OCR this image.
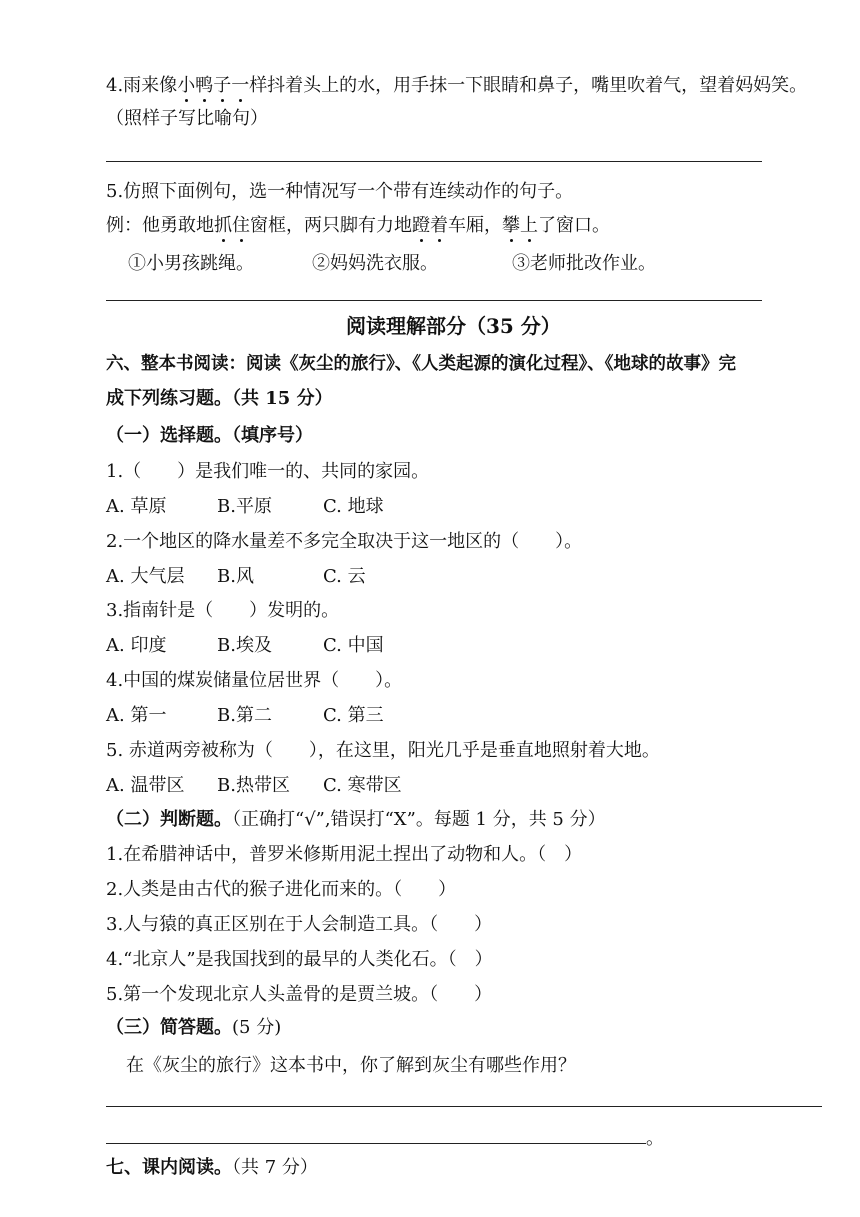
4.雨来像小鸭子一样抖着头上的水，用手抹一下眼睛和鼻子，嘴里吹着气，望着妈妈笑。
（照样子写比喻句）
5.仿照下面例句，选一种情况写一个带有连续动作的句子。
例：他勇敢地抓住窗框，两只脚有力地蹬着车厢，攀上了窗口。
①小男孩跳绳。	②妈妈洗衣服。	③老师批改作业。
阅读理解部分（35 分）
六、整本书阅读：阅读《灰尘的旅行》、《人类起源的演化过程》、《地球的故事》完
成下列练习题。（共 15 分）
（一）选择题。（填序号）
1.（　　）是我们唯一的、共同的家园。
A. 草原	B.平原	C. 地球
2.一个地区的降水量差不多完全取决于这一地区的（　　）。
A. 大气层 B.风	C. 云
3.指南针是（　　）发明的。
A. 印度	B.埃及	C. 中国
4.中国的煤炭储量位居世界（　　）。
A. 第一	B.第二	C. 第三
5. 赤道两旁被称为（　　），在这里，阳光几乎是垂直地照射着大地。
A. 温带区 B.热带区 C. 寒带区
（二）判断题。（正确打“√”,错误打“X”。每题 1 分，共 5 分）
1.在希腊神话中，普罗米修斯用泥土捏出了动物和人。（　）
2.人类是由古代的猴子进化而来的。（　　）
3.人与猿的真正区别在于人会制造工具。（　　）
4.“北京人”是我国找到的最早的人类化石。（　）
5.第一个发现北京人头盖骨的是贾兰坡。（　　）
（三）简答题。(5 分)
在《灰尘的旅行》这本书中，你了解到灰尘有哪些作用？
。
七、课内阅读。（共 7 分）
